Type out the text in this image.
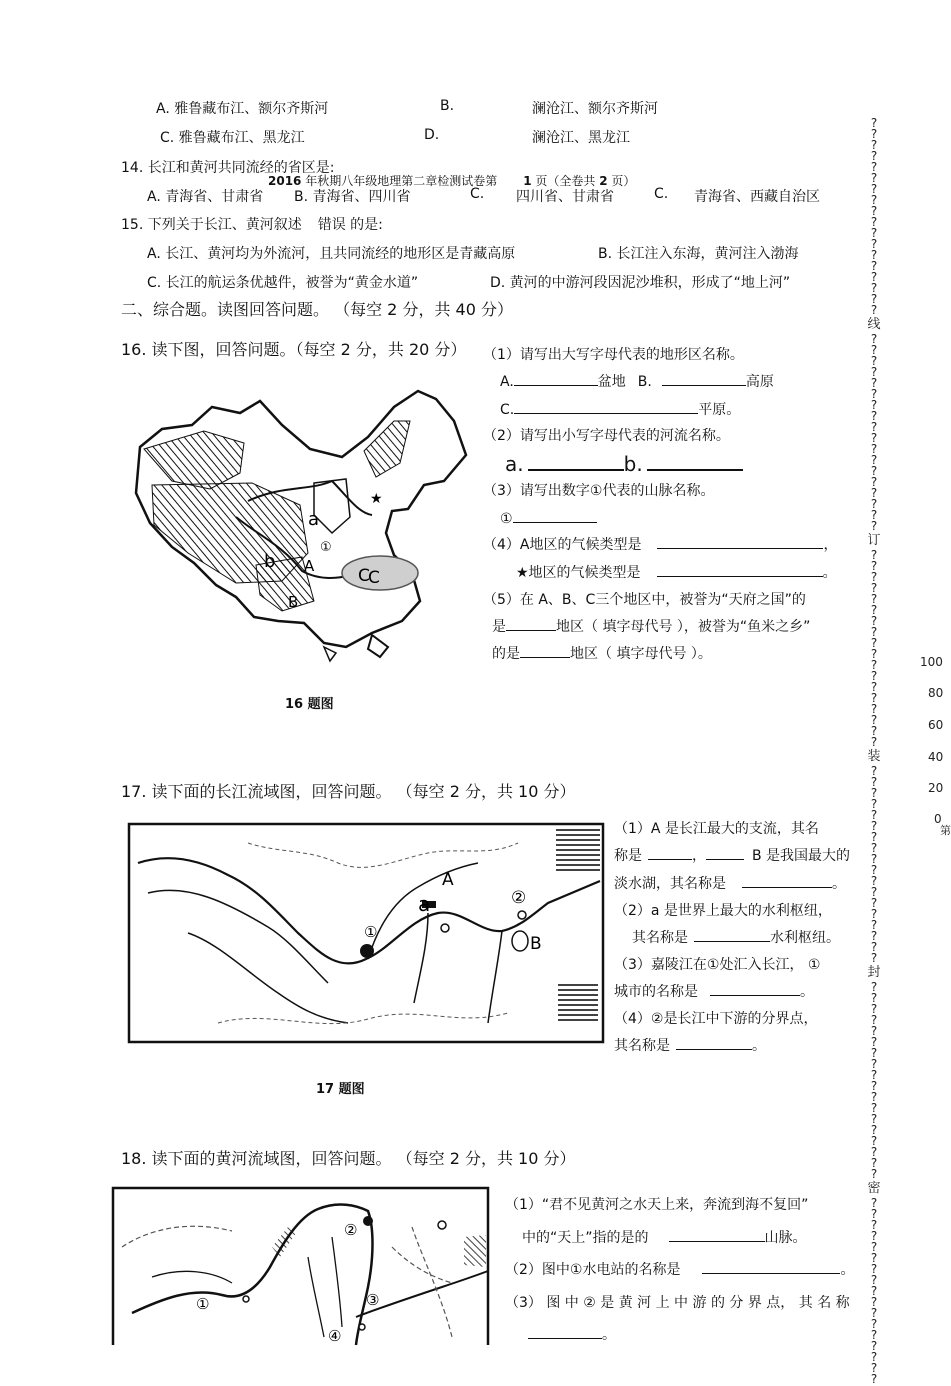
A. 雅鲁藏布江、额尔齐斯河	B.	澜沧江、额尔齐斯河
C. 雅鲁藏布江、黑龙江	D.	澜沧江、黑龙江
14. 长江和黄河共同流经的省区是:
2016 年秋期八年级地理第二章检测试卷第 1 页（全卷共 2 页）
A. 青海省、甘肃省 B. 青海省、四川省	C. 四川省、甘肃省	C. 青海省、西藏自治区
15. 下列关于长江、黄河叙述 错误 的是:
A. 长江、黄河均为外流河，且共同流经的地形区是青藏高原	B. 长江注入东海，黄河注入渤海
C. 长江的航运条优越件，被誉为“黄金水道”	D. 黄河的中游河段因泥沙堆积，形成了“地上河”
二、综合题。读图回答问题。 （每空 2 分，共 40 分）
16. 读下图，回答问题。（每空 2 分，共 20 分）
a
b A
B
C
C
①
★
16 题图
（1）请写出大写字母代表的地形区名称。
A.	盆地 B.	高原
C.	平原。
（2）请写出小写字母代表的河流名称。
a.	b.
（3）请写出数字①代表的山脉名称。
①
（4）A地区的气候类型是	，
★地区的气候类型是	。
（5）在 A、B、C三个地区中，被誉为“天府之国”的
是	地区（ 填字母代号 ），被誉为“鱼米之乡”
的是	地区（ 填字母代号 ）。
17. 读下面的长江流域图，回答问题。 （每空 2 分，共 10 分）
A
a
B
①
②
17 题图
（1）A 是长江最大的支流，其名
称是	，	B 是我国最大的
淡水湖，其名称是	。
（2）a 是世界上最大的水利枢纽，
其名称是	水利枢纽。
（3）嘉陵江在①处汇入长江， ①
城市的名称是	。
（4）②是长江中下游的分界点，
其名称是	。
18. 读下面的黄河流域图，回答问题。 （每空 2 分，共 10 分）
①
②
③
④
（1）“君不见黄河之水天上来，奔流到海不复回”
中的“天上”指的是的	山脉。
（2）图中①水电站的名称是	。
（3） 图 中 ② 是 黄 河 上 中 游 的 分 界 点， 其 名 称
。
100
80
60
40
20
0
第
?
?
?
?
?
?
?
?
?
?
?
?
?
?
?
?
?
?
线
?
?
?
?
?
?
?
?
?
?
?
?
?
?
?
?
?
?
订
?
?
?
?
?
?
?
?
?
?
?
?
?
?
?
?
?
?
装
?
?
?
?
?
?
?
?
?
?
?
?
?
?
?
?
?
?
封
?
?
?
?
?
?
?
?
?
?
?
?
?
?
?
?
?
?
密
?
?
?
?
?
?
?
?
?
?
?
?
?
?
?
?
?
